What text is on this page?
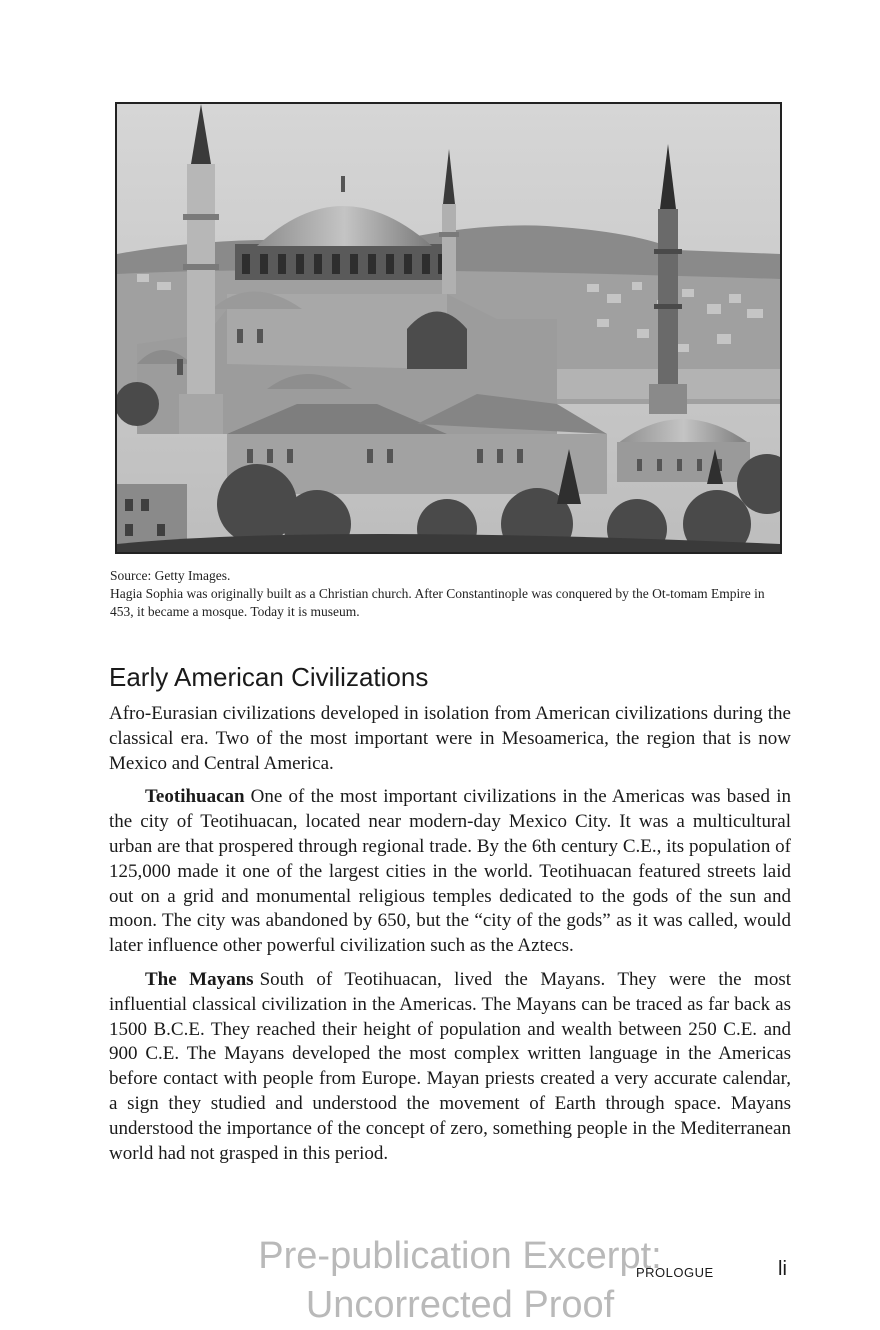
Source: Getty Images.

Hagia Sophia was originally built as a Christian church. After Constantinople was conquered by the Ot-tomam Empire in 453, it became a mosque. Today it is museum.

Early American Civilizations

Afro-Eurasian civilizations developed in isolation from American civilizations during the classical era. Two of the most important were in Mesoamerica, the region that is now Mexico and Central America.

Teotihuacan One of the most important civilizations in the Americas was based in the city of Teotihuacan, located near modern-day Mexico City. It was a multicultural urban are that prospered through regional trade. By the 6th century C.E., its population of 125,000 made it one of the largest cities in the world. Teotihuacan featured streets laid out on a grid and monumental religious temples dedicated to the gods of the sun and moon. The city was abandoned by 650, but the “city of the gods” as it was called, would later influence other powerful civilization such as the Aztecs.

The Mayans South of Teotihuacan, lived the Mayans. They were the most influential classical civilization in the Americas. The Mayans can be traced as far back as 1500 B.C.E. They reached their height of population and wealth between 250 C.E. and 900 C.E. The Mayans developed the most complex written language in the Americas before contact with people from Europe. Mayan priests created a very accurate calendar, a sign they studied and understood the movement of Earth through space. Mayans understood the importance of the concept of zero, something people in the Mediterranean world had not grasped in this period.

Pre-publication Excerpt:
Uncorrected Proof
PROLOGUE	li
